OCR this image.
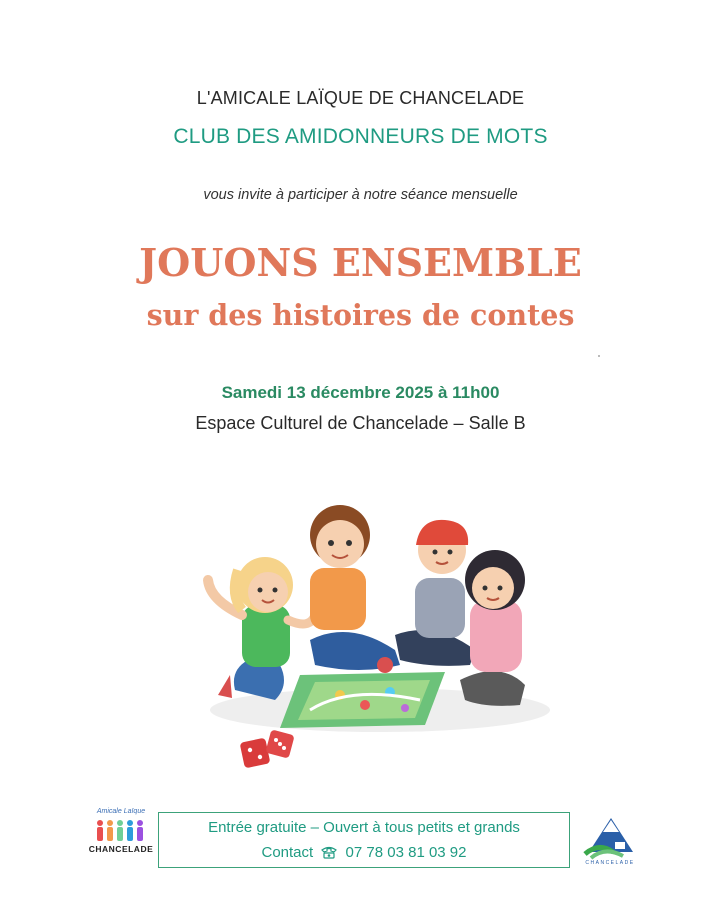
L'AMICALE LAÏQUE DE CHANCELADE
CLUB DES AMIDONNEURS DE MOTS
vous invite à participer à notre séance mensuelle
JOUONS ENSEMBLE
sur des histoires de contes
Samedi 13 décembre 2025 à 11h00
Espace Culturel de Chancelade – Salle B
Amicale Laïque
CHANCELADE
Entrée gratuite – Ouvert à tous petits et grands
Contact 07 78 03 81 03 92
CHANCELADE
